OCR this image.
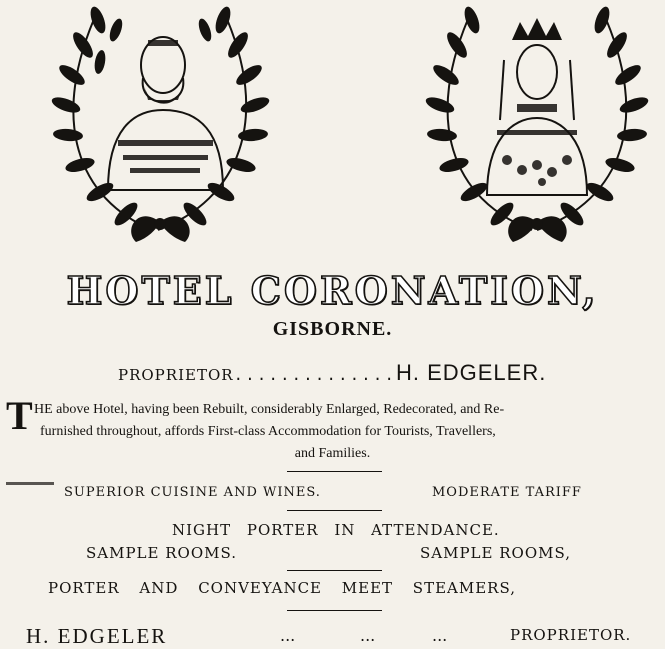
HOTEL CORONATION,
GISBORNE.
PROPRIETOR..............H. EDGELER.
T HE above Hotel, having been Rebuilt, considerably Enlarged, Redecorated, and Re-
furnished throughout, affords First-class Accommodation for Tourists, Travellers,
and Families.
SUPERIOR CUISINE AND WINES.	MODERATE TARIFF
NIGHT PORTER IN ATTENDANCE.
SAMPLE ROOMS.	SAMPLE ROOMS,
PORTER AND CONVEYANCE MEET STEAMERS,
H. EDGELER	...	...	...	PROPRIETOR.
